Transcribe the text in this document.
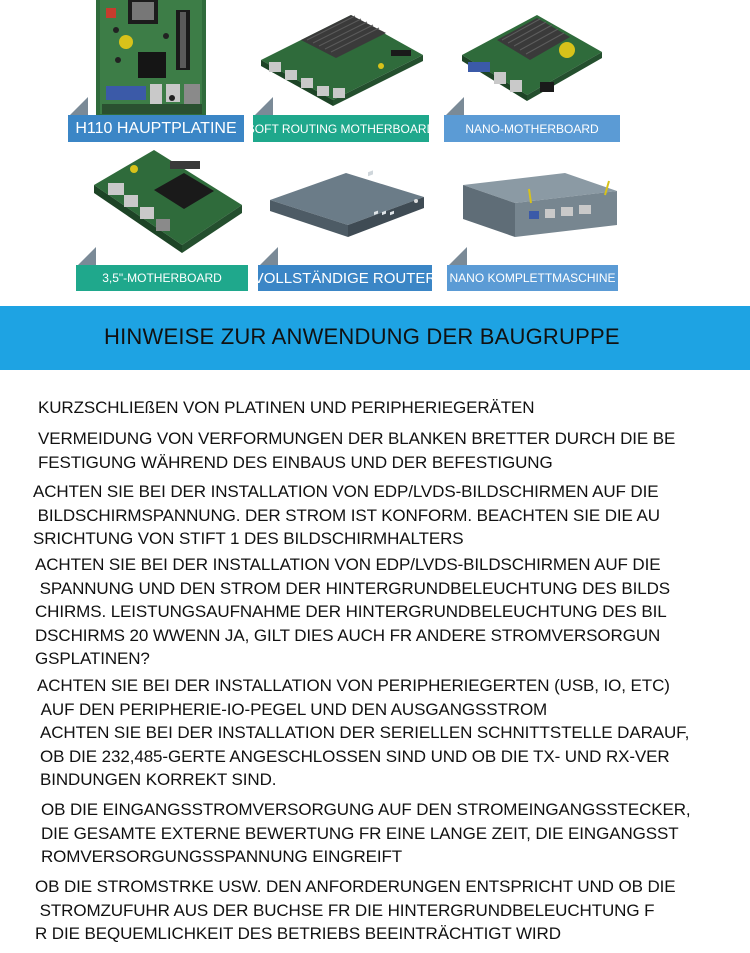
H110 HAUPTPLATINE SOFT ROUTING MOTHERBOARD	NANO-MOTHERBOARD
3,5"-MOTHERBOARD	VOLLSTÄNDIGE ROUTER NANO KOMPLETTMASCHINE
HINWEISE ZUR ANWENDUNG DER BAUGRUPPE
KURZSCHLIEßEN VON PLATINEN UND PERIPHERIEGERÄTEN
VERMEIDUNG VON VERFORMUNGEN DER BLANKEN BRETTER DURCH DIE BE
FESTIGUNG WÄHREND DES EINBAUS UND DER BEFESTIGUNG
ACHTEN SIE BEI DER INSTALLATION VON EDP/LVDS-BILDSCHIRMEN AUF DIE
BILDSCHIRMSPANNUNG. DER STROM IST KONFORM. BEACHTEN SIE DIE AU
SRICHTUNG VON STIFT 1 DES BILDSCHIRMHALTERS
ACHTEN SIE BEI DER INSTALLATION VON EDP/LVDS-BILDSCHIRMEN AUF DIE
SPANNUNG UND DEN STROM DER HINTERGRUNDBELEUCHTUNG DES BILDS
CHIRMS. LEISTUNGSAUFNAHME DER HINTERGRUNDBELEUCHTUNG DES BIL
DSCHIRMS 20 WWENN JA, GILT DIES AUCH FR ANDERE STROMVERSORGUN
GSPLATINEN?
ACHTEN SIE BEI DER INSTALLATION VON PERIPHERIEGERTEN (USB, IO, ETC)
AUF DEN PERIPHERIE-IO-PEGEL UND DEN AUSGANGSSTROM
ACHTEN SIE BEI DER INSTALLATION DER SERIELLEN SCHNITTSTELLE DARAUF,
OB DIE 232,485-GERTE ANGESCHLOSSEN SIND UND OB DIE TX- UND RX-VER
BINDUNGEN KORREKT SIND.
OB DIE EINGANGSSTROMVERSORGUNG AUF DEN STROMEINGANGSSTECKER,
DIE GESAMTE EXTERNE BEWERTUNG FR EINE LANGE ZEIT, DIE EINGANGSST
ROMVERSORGUNGSSPANNUNG EINGREIFT
OB DIE STROMSTRKE USW. DEN ANFORDERUNGEN ENTSPRICHT UND OB DIE
STROMZUFUHR AUS DER BUCHSE FR DIE HINTERGRUNDBELEUCHTUNG F
R DIE BEQUEMLICHKEIT DES BETRIEBS BEEINTRÄCHTIGT WIRD
